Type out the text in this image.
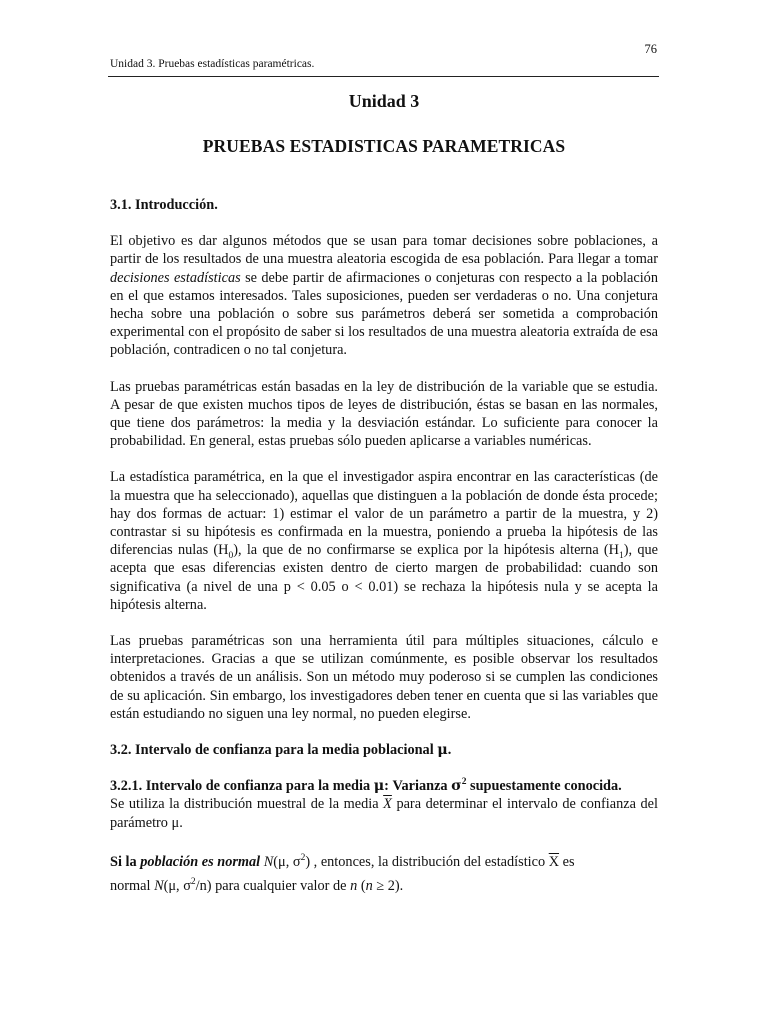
76
Unidad 3. Pruebas estadísticas paramétricas.
Unidad 3
PRUEBAS ESTADISTICAS PARAMETRICAS

3.1. Introducción.

El objetivo es dar algunos métodos que se usan para tomar decisiones sobre poblaciones, a partir de los resultados de una muestra aleatoria escogida de esa población. Para llegar a tomar decisiones estadísticas se debe partir de afirmaciones o conjeturas con respecto a la población en el que estamos interesados. Tales suposiciones, pueden ser verdaderas o no. Una conjetura hecha sobre una población o sobre sus parámetros deberá ser sometida a comprobación experimental con el propósito de saber si los resultados de una muestra aleatoria extraída de esa población, contradicen o no tal conjetura.

Las pruebas paramétricas están basadas en la ley de distribución de la variable que se estudia. A pesar de que existen muchos tipos de leyes de distribución, éstas se basan en las normales, que tiene dos parámetros: la media y la desviación estándar. Lo suficiente para conocer la probabilidad. En general, estas pruebas sólo pueden aplicarse a variables numéricas.

La estadística paramétrica, en la que el investigador aspira encontrar en las características (de la muestra que ha seleccionado), aquellas que distinguen a la población de donde ésta procede; hay dos formas de actuar: 1) estimar el valor de un parámetro a partir de la muestra, y 2) contrastar si su hipótesis es confirmada en la muestra, poniendo a prueba la hipótesis de las diferencias nulas $(H_0)$, la que de no confirmarse se explica por la hipótesis alterna $(H_1)$, que acepta que esas diferencias existen dentro de cierto margen de probabilidad: cuando son significativa (a nivel de una p < 0.05 o < 0.01) se rechaza la hipótesis nula y se acepta la hipótesis alterna.

Las pruebas paramétricas son una herramienta útil para múltiples situaciones, cálculo e interpretaciones. Gracias a que se utilizan comúnmente, es posible observar los resultados obtenidos a través de un análisis. Son un método muy poderoso si se cumplen las condiciones de su aplicación. Sin embargo, los investigadores deben tener en cuenta que si las variables que están estudiando no siguen una ley normal, no pueden elegirse.

3.2. Intervalo de confianza para la media poblacional μ.

3.2.1. Intervalo de confianza para la media μ: Varianza $\sigma^2$ supuestamente conocida.

Se utiliza la distribución muestral de la media $\overline{X}$ para determinar el intervalo de confianza del parámetro μ.

Si la población es normal N(μ, $\sigma^2$) , entonces, la distribución del estadístico $\overline{X}$ es
normal N(μ, $\sigma^2/n$) para cualquier valor de n (n ≥ 2).
